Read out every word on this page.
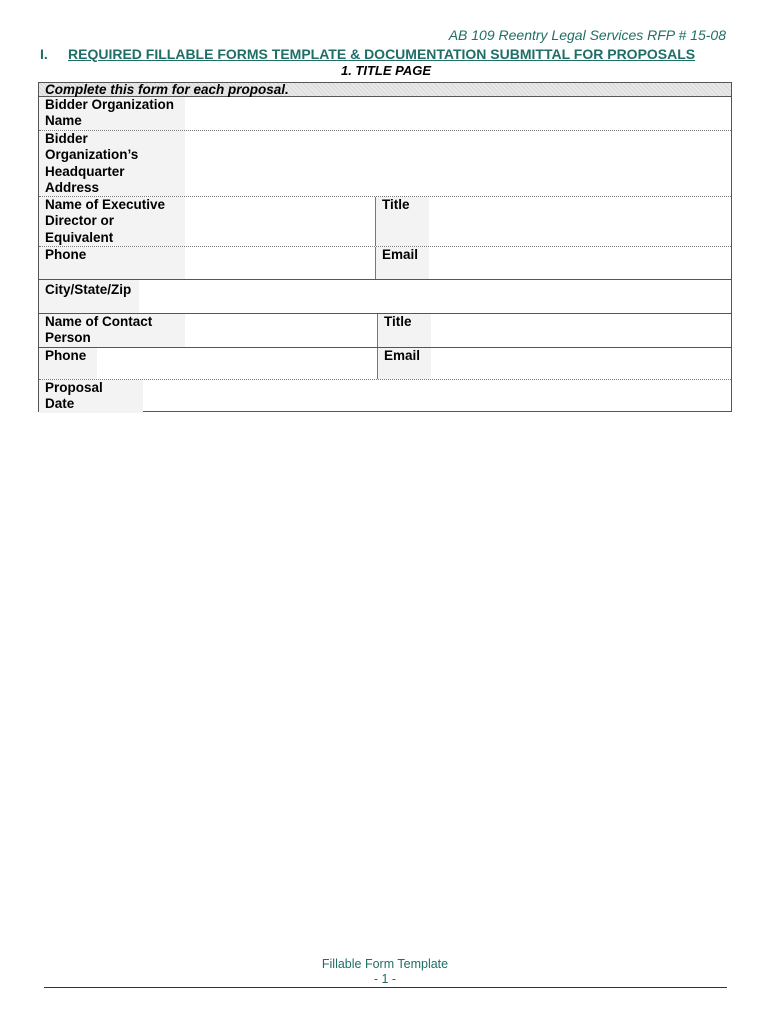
AB 109 Reentry Legal Services RFP # 15-08
I. REQUIRED FILLABLE FORMS TEMPLATE & DOCUMENTATION SUBMITTAL FOR PROPOSALS
1. TITLE PAGE
Complete this form for each proposal.
Bidder Organization Name
Bidder Organization’s Headquarter Address
Name of Executive Director or Equivalent
Title
Phone	Email
City/State/Zip
Name of Contact Person
Title
Phone	Email
Proposal Date
Fillable Form Template
- 1 -
